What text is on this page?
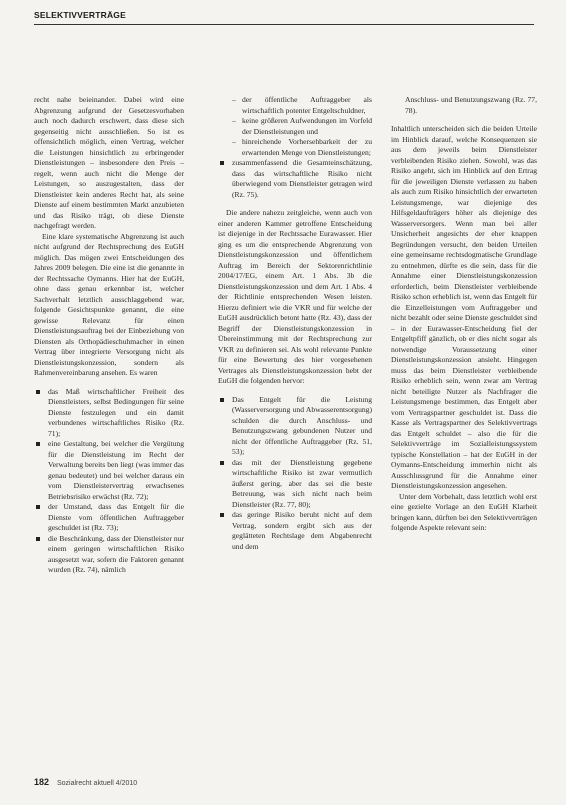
SELEKTIVVERTRÄGE

recht nahe beieinander. Dabei wird eine Abgrenzung aufgrund der Gesetzesvorhaben auch noch dadurch erschwert, dass diese sich gegenseitig nicht ausschließen. So ist es offensichtlich möglich, einen Vertrag, welcher die Leistungen hinsichtlich zu erbringender Dienstleistungen – insbesondere den Preis – regelt, wenn auch nicht die Menge der Leistungen, so auszugestalten, dass der Dienstleister kein anderes Recht hat, als seine Dienste auf einem bestimmten Markt anzubieten und das Risiko trägt, ob diese Dienste nachgefragt werden.

Eine klare systematische Abgrenzung ist auch nicht aufgrund der Rechtsprechung des EuGH möglich. Das mögen zwei Entscheidungen des Jahres 2009 belegen. Die eine ist die genannte in der Rechtssache Oymanns. Hier hat der EuGH, ohne dass genau erkennbar ist, welcher Sachverhalt letztlich ausschlaggebend war, folgende Gesichtspunkte genannt, die eine gewisse Relevanz für einen Dienstleistungsauftrag bei der Einbeziehung von Diensten als Orthopädieschuhmacher in einen Vertrag über integrierte Versorgung nicht als Dienstleistungskonzession, sondern als Rahmenvereinbarung ansehen. Es waren

das Maß wirtschaftlicher Freiheit des Dienstleisters, selbst Bedingungen für seine Dienste festzulegen und ein damit verbundenes wirtschaftliches Risiko (Rz. 71);
eine Gestaltung, bei welcher die Vergütung für die Dienstleistung im Recht der Verwaltung bereits ben liegt (was immer das genau bedeutet) und bei welcher daraus ein vom Dienstleistervertrag erwachsenes Betriebsrisiko erwächst (Rz. 72);
der Umstand, dass das Entgelt für die Dienste vom öffentlichen Auftraggeber geschuldet ist (Rz. 73);
die Beschränkung, dass der Dienstleister nur einem geringen wirtschaftlichen Risiko ausgesetzt war, sofern die Faktoren genannt wurden (Rz. 74), nämlich
– der öffentliche Auftraggeber als wirtschaftlich potenter Entgeltschuldner,
– keine größeren Aufwendungen im Vorfeld der Dienstleistungen und
– hinreichende Vorhersehbarkeit der zu erwartenden Menge von Dienstleistungen;
zusammenfassend die Gesamteinschätzung, dass das wirtschaftliche Risiko nicht überwiegend vom Dienstleister getragen wird (Rz. 75).

Die andere nahezu zeitgleiche, wenn auch von einer anderen Kammer getroffene Entscheidung ist diejenige in der Rechtssache Eurawasser. Hier ging es um die entsprechende Abgrenzung von Dienstleistungskonzession und öffentlichem Auftrag im Bereich der Sektorenrichtlinie 2004/17/EG, einem Art. 1 Abs. 3b die Dienstleistungskonzession und dem Art. 1 Abs. 4 der Richtlinie entsprechenden Wesen leisten. Hierzu definiert wie die VKR und für welche der EuGH ausdrücklich betont hatte (Rz. 43), dass der Begriff der Dienstleistungskonzession in Übereinstimmung mit der Rechtsprechung zur VKR zu definieren sei. Als wohl relevante Punkte für eine Bewertung des hier vorgesehenen Vertrages als Dienstleistungskonzession hebt der EuGH die folgenden hervor:

Das Entgelt für die Leistung (Wasserversorgung und Abwasserentsorgung) schulden die durch Anschluss- und Benutzungszwang gebundenen Nutzer und nicht der öffentliche Auftraggeber (Rz. 51, 53);
das mit der Dienstleistung gegebene wirtschaftliche Risiko ist zwar vermutlich äußerst gering, aber das sei die beste Betreuung, was sich nicht nach beim Dienstleister (Rz. 77, 80);
das geringe Risiko beruht nicht auf dem Vertrag, sondern ergibt sich aus der geglätteten Rechtslage dem Abgabenrecht und dem

Anschluss- und Benutzungszwang (Rz. 77, 78).

Inhaltlich unterscheiden sich die beiden Urteile im Hinblick darauf, welche Konsequenzen sie aus dem jeweils beim Dienstleister verbleibenden Risiko ziehen. Sowohl, was das Risiko angeht, sich im Hinblick auf den Ertrag für die jeweiligen Dienste verlassen zu haben als auch zum Risiko hinsichtlich der erwarteten Leistungsmenge, war diejenige des Hilfsgeldaufträgers höher als diejenige des Wasserversorgers. Wenn man bei aller Unsicherheit angesichts der eher knappen Begründungen versucht, den beiden Urteilen eine gemeinsame rechtsdogmatische Grundlage zu entnehmen, dürfte es die sein, dass für die Annahme einer Dienstleistungskonzession erforderlich, beim Dienstleister verbleibende Risiko schon erheblich ist, wenn das Entgelt für die Einzelleistungen vom Auftraggeber und nicht bezahlt oder seine Dienste geschuldet sind – in der Eurawasser-Entscheidung fiel der Entgeltpfiff gänzlich, ob er dies nicht sogar als notwendige Voraussetzung einer Dienstleistungskonzession ansieht. Hingegen muss das beim Dienstleister verbleibende Risiko erheblich sein, wenn zwar am Vertrag nicht beteiligte Nutzer als Nachfrager die Leistungsmenge bestimmen, das Entgelt aber vom Vertragspartner geschuldet ist. Dass die Kasse als Vertragspartner des Selektivvertrags das Entgelt schuldet – also die für die Selektivverträge im Sozialleistungssystem typische Konstellation – hat der EuGH in der Oymanns-Entscheidung immerhin nicht als Ausschlussgrund für die Annahme einer Dienstleistungskonzession angesehen.

Unter dem Vorbehalt, dass letztlich wohl erst eine gezielte Vorlage an den EuGH Klarheit bringen kann, dürften bei den Selektivverträgen folgende Aspekte relevant sein:

182 Sozialrecht aktuell 4/2010
